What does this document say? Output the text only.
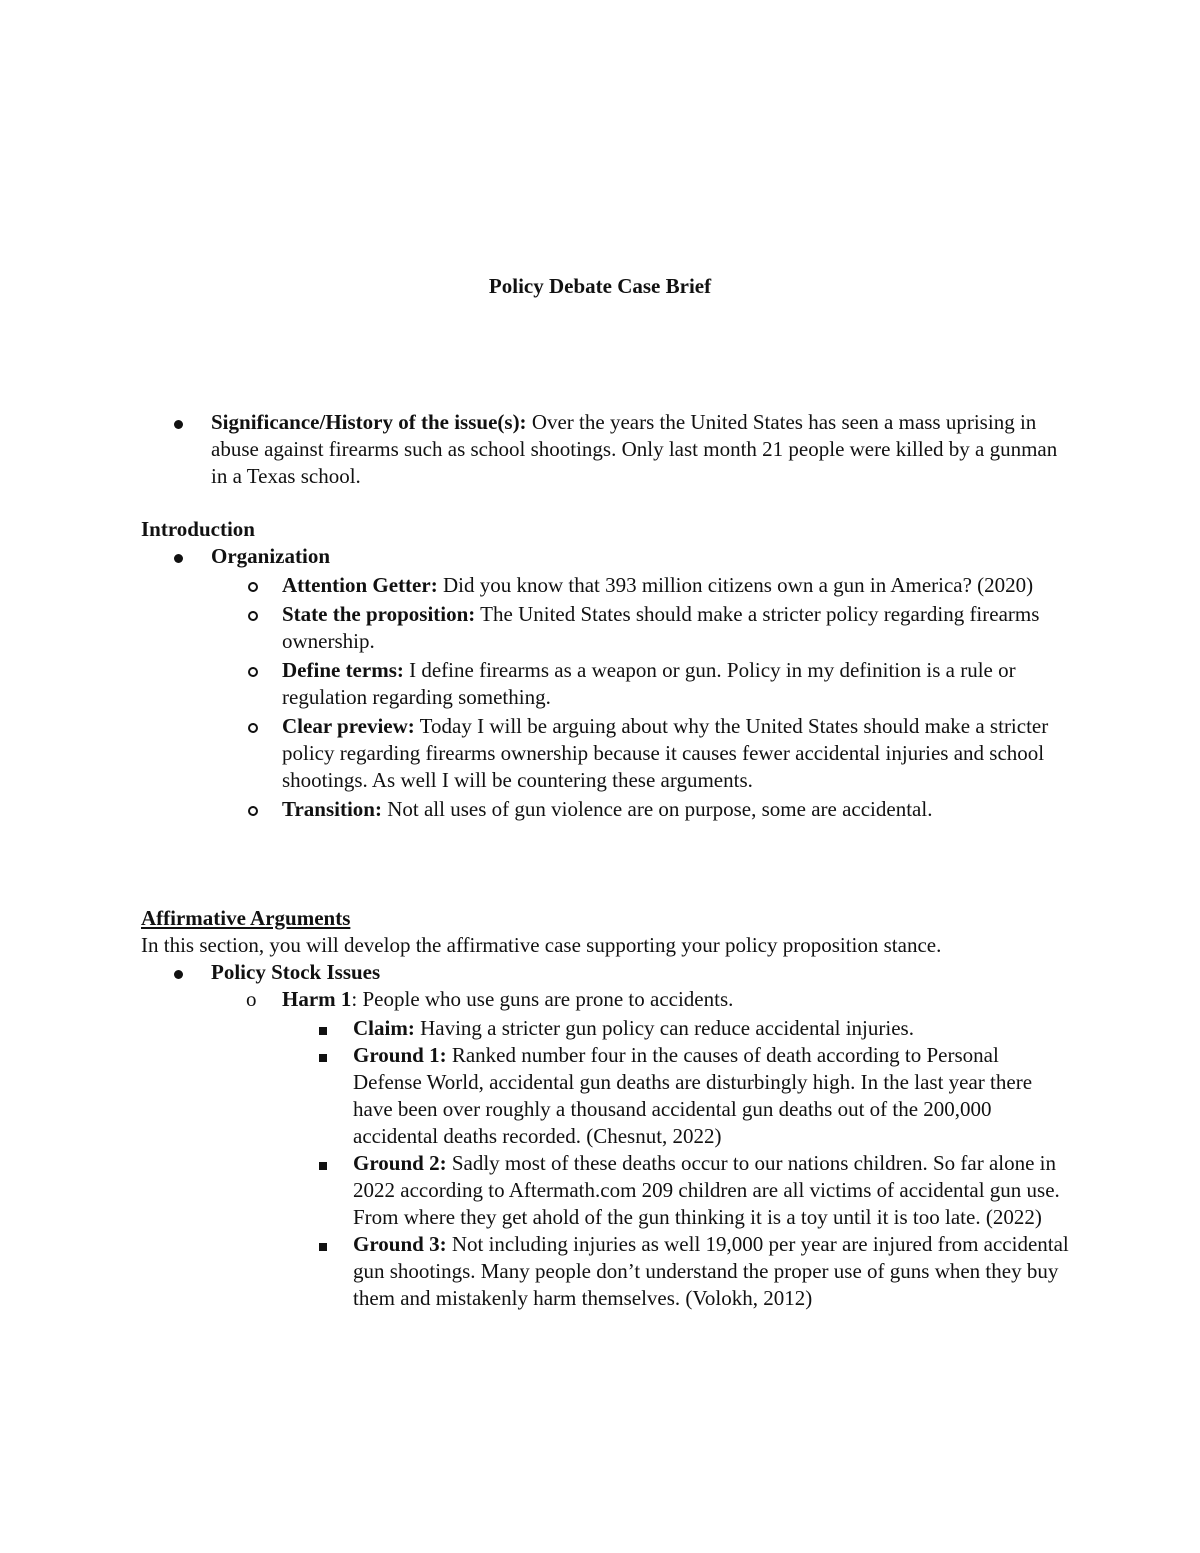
Policy Debate Case Brief
Significance/History of the issue(s): Over the years the United States has seen a mass uprising in abuse against firearms such as school shootings. Only last month 21 people were killed by a gunman in a Texas school.
Introduction
Organization
Attention Getter: Did you know that 393 million citizens own a gun in America? (2020)
State the proposition: The United States should make a stricter policy regarding firearms ownership.
Define terms: I define firearms as a weapon or gun. Policy in my definition is a rule or regulation regarding something.
Clear preview: Today I will be arguing about why the United States should make a stricter policy regarding firearms ownership because it causes fewer accidental injuries and school shootings. As well I will be countering these arguments.
Transition: Not all uses of gun violence are on purpose, some are accidental.
Affirmative Arguments
In this section, you will develop the affirmative case supporting your policy proposition stance.
Policy Stock Issues
o Harm 1: People who use guns are prone to accidents.
Claim: Having a stricter gun policy can reduce accidental injuries.
Ground 1: Ranked number four in the causes of death according to Personal Defense World, accidental gun deaths are disturbingly high. In the last year there have been over roughly a thousand accidental gun deaths out of the 200,000 accidental deaths recorded. (Chesnut, 2022)
Ground 2: Sadly most of these deaths occur to our nations children. So far alone in 2022 according to Aftermath.com 209 children are all victims of accidental gun use. From where they get ahold of the gun thinking it is a toy until it is too late. (2022)
Ground 3: Not including injuries as well 19,000 per year are injured from accidental gun shootings. Many people don’t understand the proper use of guns when they buy them and mistakenly harm themselves. (Volokh, 2012)
